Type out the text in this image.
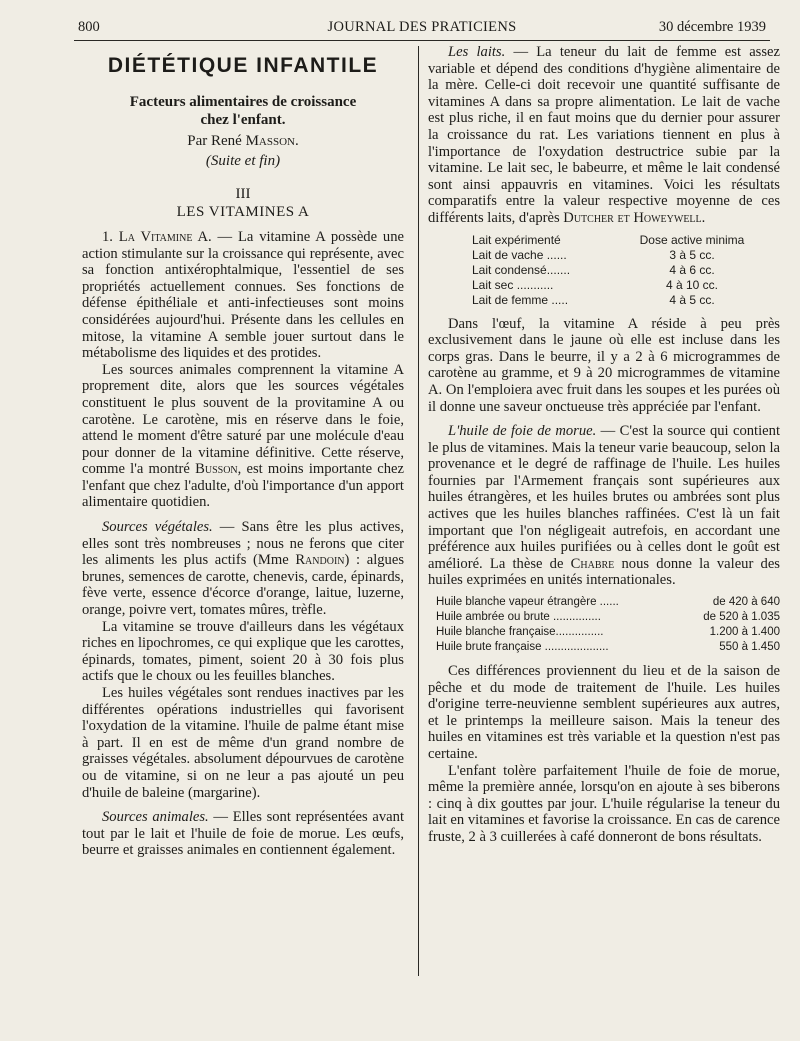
800	JOURNAL DES PRATICIENS	30 décembre 1939
DIÉTÉTIQUE INFANTILE
Facteurs alimentaires de croissance
chez l'enfant.
Par René Masson.
(Suite et fin)
III
LES VITAMINES A

1. La Vitamine A. — La vitamine A possède une action stimulante sur la croissance qui représente, avec sa fonction antixérophtalmique, l'essentiel de ses propriétés actuellement connues. Ses fonctions de défense épithéliale et anti-infectieuses sont moins considérées aujourd'hui. Présente dans les cellules en mitose, la vitamine A semble jouer surtout dans le métabolisme des liquides et des protides.

Les sources animales comprennent la vitamine A proprement dite, alors que les sources végétales constituent le plus souvent de la provitamine A ou carotène. Le carotène, mis en réserve dans le foie, attend le moment d'être saturé par une molécule d'eau pour donner de la vitamine définitive. Cette réserve, comme l'a montré Busson, est moins importante chez l'enfant que chez l'adulte, d'où l'importance d'un apport alimentaire quotidien.

Sources végétales. — Sans être les plus actives, elles sont très nombreuses ; nous ne ferons que citer les aliments les plus actifs (Mme Randoin) : algues brunes, semences de carotte, chenevis, carde, épinards, fève verte, essence d'écorce d'orange, laitue, luzerne, orange, poivre vert, tomates mûres, trèfle.

La vitamine se trouve d'ailleurs dans les végétaux riches en lipochromes, ce qui explique que les carottes, épinards, tomates, piment, soient 20 à 30 fois plus actifs que le choux ou les feuilles blanches.

Les huiles végétales sont rendues inactives par les différentes opérations industrielles qui favorisent l'oxydation de la vitamine. l'huile de palme étant mise à part. Il en est de même d'un grand nombre de graisses végétales. absolument dépourvues de carotène ou de vitamine, si on ne leur a pas ajouté un peu d'huile de baleine (margarine).

Sources animales. — Elles sont représentées avant tout par le lait et l'huile de foie de morue. Les œufs, beurre et graisses animales en contiennent également.

Les laits. — La teneur du lait de femme est assez variable et dépend des conditions d'hygiène alimentaire de la mère. Celle-ci doit recevoir une quantité suffisante de vitamines A dans sa propre alimentation. Le lait de vache est plus riche, il en faut moins que du dernier pour assurer la croissance du rat. Les variations tiennent en plus à l'importance de l'oxydation destructrice subie par la vitamine. Le lait sec, le babeurre, et même le lait condensé sont ainsi appauvris en vitamines. Voici les résultats comparatifs entre la valeur respective moyenne de ces différents laits, d'après Dutcher et Howeywell.

Lait expérimenté	Dose active minima
Lait de vache ......	3 à 5 cc.
Lait condensé.......	4 à 6 cc.
Lait sec ...........	4 à 10 cc.
Lait de femme .....	4 à 5 cc.

Dans l'œuf, la vitamine A réside à peu près exclusivement dans le jaune où elle est incluse dans les corps gras. Dans le beurre, il y a 2 à 6 microgrammes de carotène au gramme, et 9 à 20 microgrammes de vitamine A. On l'emploiera avec fruit dans les soupes et les purées où il donne une saveur onctueuse très appréciée par l'enfant.

L'huile de foie de morue. — C'est la source qui contient le plus de vitamines. Mais la teneur varie beaucoup, selon la provenance et le degré de raffinage de l'huile. Les huiles fournies par l'Armement français sont supérieures aux huiles étrangères, et les huiles brutes ou ambrées sont plus actives que les huiles blanches raffinées. C'est là un fait important que l'on négligeait autrefois, en accordant une préférence aux huiles purifiées ou à celles dont le goût est amélioré. La thèse de Chabre nous donne la valeur des huiles exprimées en unités internationales.

Huile blanche vapeur étrangère ......	de 420 à 640
Huile ambrée ou brute ...............	de 520 à 1.035
Huile blanche française...............	1.200 à 1.400
Huile brute française ....................	550 à 1.450

Ces différences proviennent du lieu et de la saison de pêche et du mode de traitement de l'huile. Les huiles d'origine terre-neuvienne semblent supérieures aux autres, et le printemps la meilleure saison. Mais la teneur des huiles en vitamines est très variable et la question n'est pas certaine.

L'enfant tolère parfaitement l'huile de foie de morue, même la première année, lorsqu'on en ajoute à ses biberons : cinq à dix gouttes par jour. L'huile régularise la teneur du lait en vitamines et favorise la croissance. En cas de carence fruste, 2 à 3 cuillerées à café donneront de bons résultats.
